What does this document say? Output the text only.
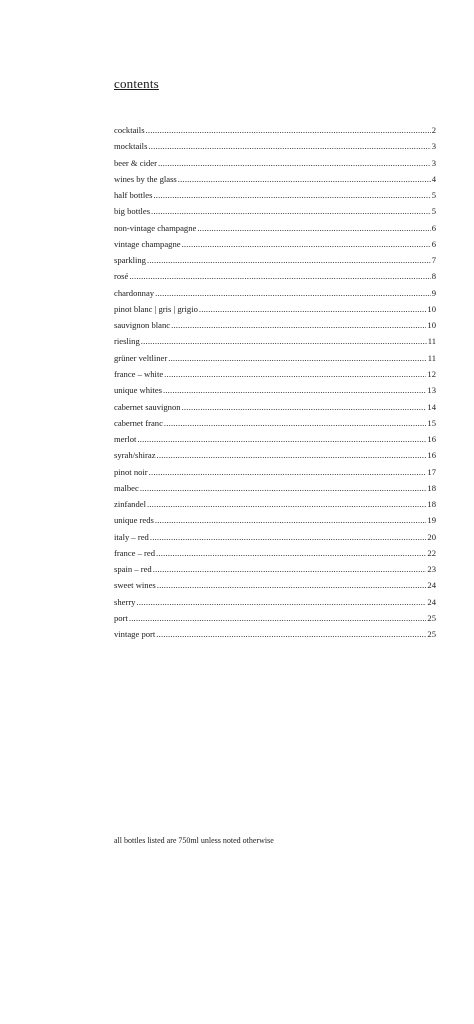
contents
cocktails .....	2
mocktails .....	3
beer & cider .....	3
wines by the glass .....	4
half bottles .....	5
big bottles .....	5
non-vintage champagne .....	6
vintage champagne .....	6
sparkling .....	7
rosé .....	8
chardonnay .....	9
pinot blanc | gris | grigio .....	10
sauvignon blanc .....	10
riesling .....	11
grüner veltliner .....	11
france – white .....	12
unique whites .....	13
cabernet sauvignon .....	14
cabernet franc .....	15
merlot .....	16
syrah/shiraz .....	16
pinot noir .....	17
malbec .....	18
zinfandel .....	18
unique reds .....	19
italy – red .....	20
france – red .....	22
spain – red .....	23
sweet wines .....	24
sherry .....	24
port .....	25
vintage port .....	25
all bottles listed are 750ml unless noted otherwise
